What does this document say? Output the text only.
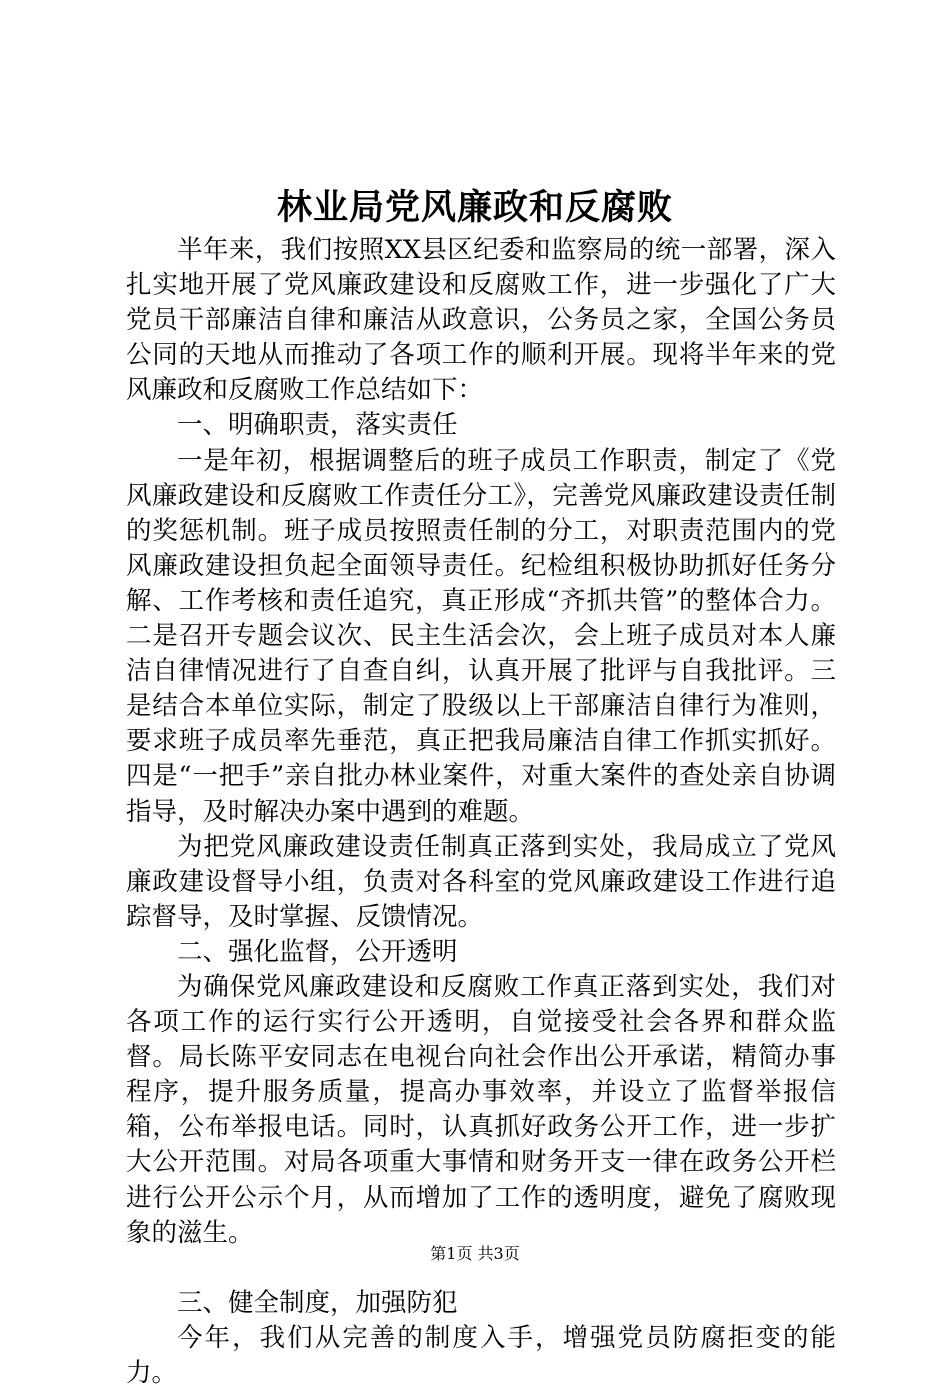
林业局党风廉政和反腐败

半年来，我们按照XX县区纪委和监察局的统一部署，深入扎实地开展了党风廉政建设和反腐败工作，进一步强化了广大党员干部廉洁自律和廉洁从政意识，公务员之家，全国公务员公同的天地从而推动了各项工作的顺利开展。现将半年来的党风廉政和反腐败工作总结如下：

一、明确职责，落实责任

一是年初，根据调整后的班子成员工作职责，制定了《党风廉政建设和反腐败工作责任分工》，完善党风廉政建设责任制的奖惩机制。班子成员按照责任制的分工，对职责范围内的党风廉政建设担负起全面领导责任。纪检组积极协助抓好任务分解、工作考核和责任追究，真正形成“齐抓共管”的整体合力。二是召开专题会议次、民主生活会次，会上班子成员对本人廉洁自律情况进行了自查自纠，认真开展了批评与自我批评。三是结合本单位实际，制定了股级以上干部廉洁自律行为准则，要求班子成员率先垂范，真正把我局廉洁自律工作抓实抓好。四是“一把手”亲自批办林业案件，对重大案件的查处亲自协调指导，及时解决办案中遇到的难题。

为把党风廉政建设责任制真正落到实处，我局成立了党风廉政建设督导小组，负责对各科室的党风廉政建设工作进行追踪督导，及时掌握、反馈情况。

二、强化监督，公开透明

为确保党风廉政建设和反腐败工作真正落到实处，我们对各项工作的运行实行公开透明，自觉接受社会各界和群众监督。局长陈平安同志在电视台向社会作出公开承诺，精简办事程序，提升服务质量，提高办事效率，并设立了监督举报信箱，公布举报电话。同时，认真抓好政务公开工作，进一步扩大公开范围。对局各项重大事情和财务开支一律在政务公开栏进行公开公示个月，从而增加了工作的透明度，避免了腐败现象的滋生。

三、健全制度，加强防犯

今年，我们从完善的制度入手，增强党员防腐拒变的能力。

第1页 共3页
